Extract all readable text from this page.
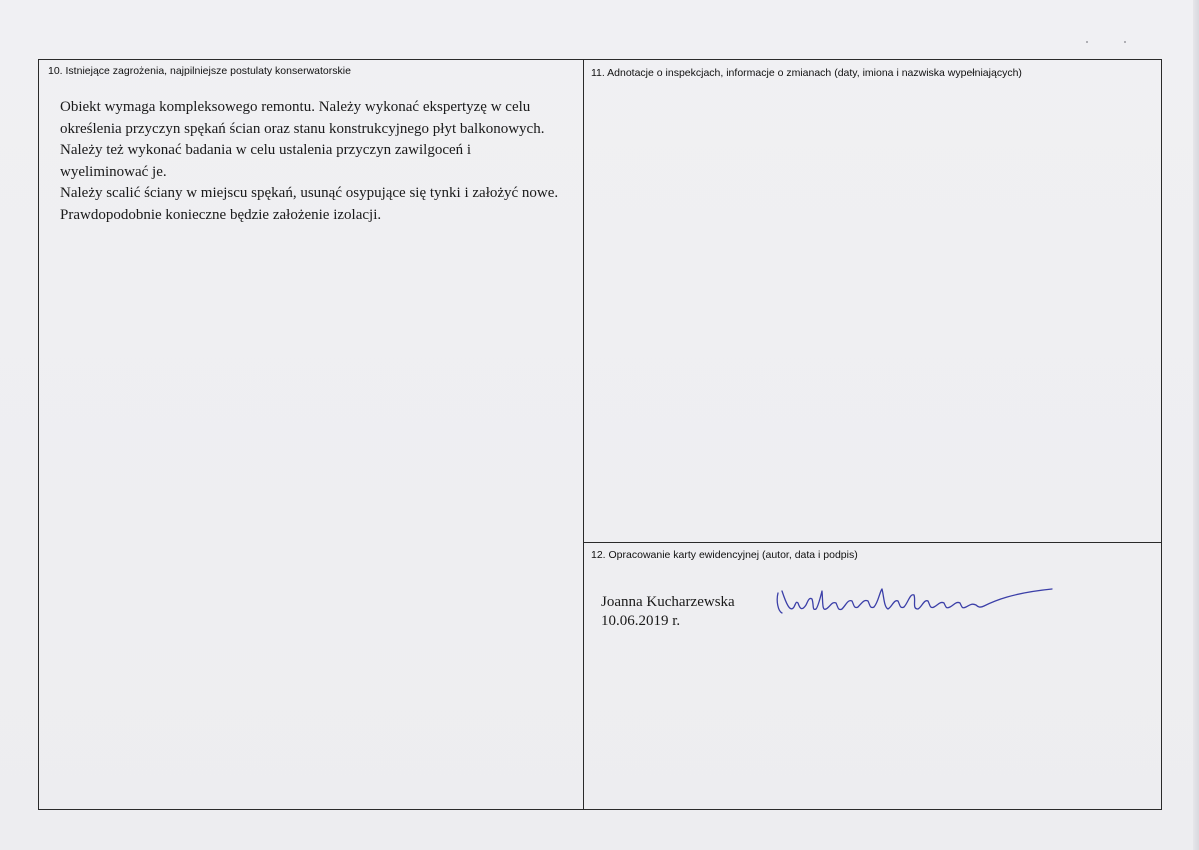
10. Istniejące zagrożenia, najpilniejsze postulaty konserwatorskie

Obiekt wymaga kompleksowego remontu. Należy wykonać ekspertyzę w celu określenia przyczyn spękań ścian oraz stanu konstrukcyjnego płyt balkonowych. Należy też wykonać badania w celu ustalenia przyczyn zawilgoceń i wyeliminować je.

Należy scalić ściany w miejscu spękań, usunąć osypujące się tynki i założyć nowe. Prawdopodobnie konieczne będzie założenie izolacji.

11. Adnotacje o inspekcjach, informacje o zmianach (daty, imiona i nazwiska wypełniających)
12. Opracowanie karty ewidencyjnej (autor, data i podpis)
Joanna Kucharzewska
10.06.2019 r.
